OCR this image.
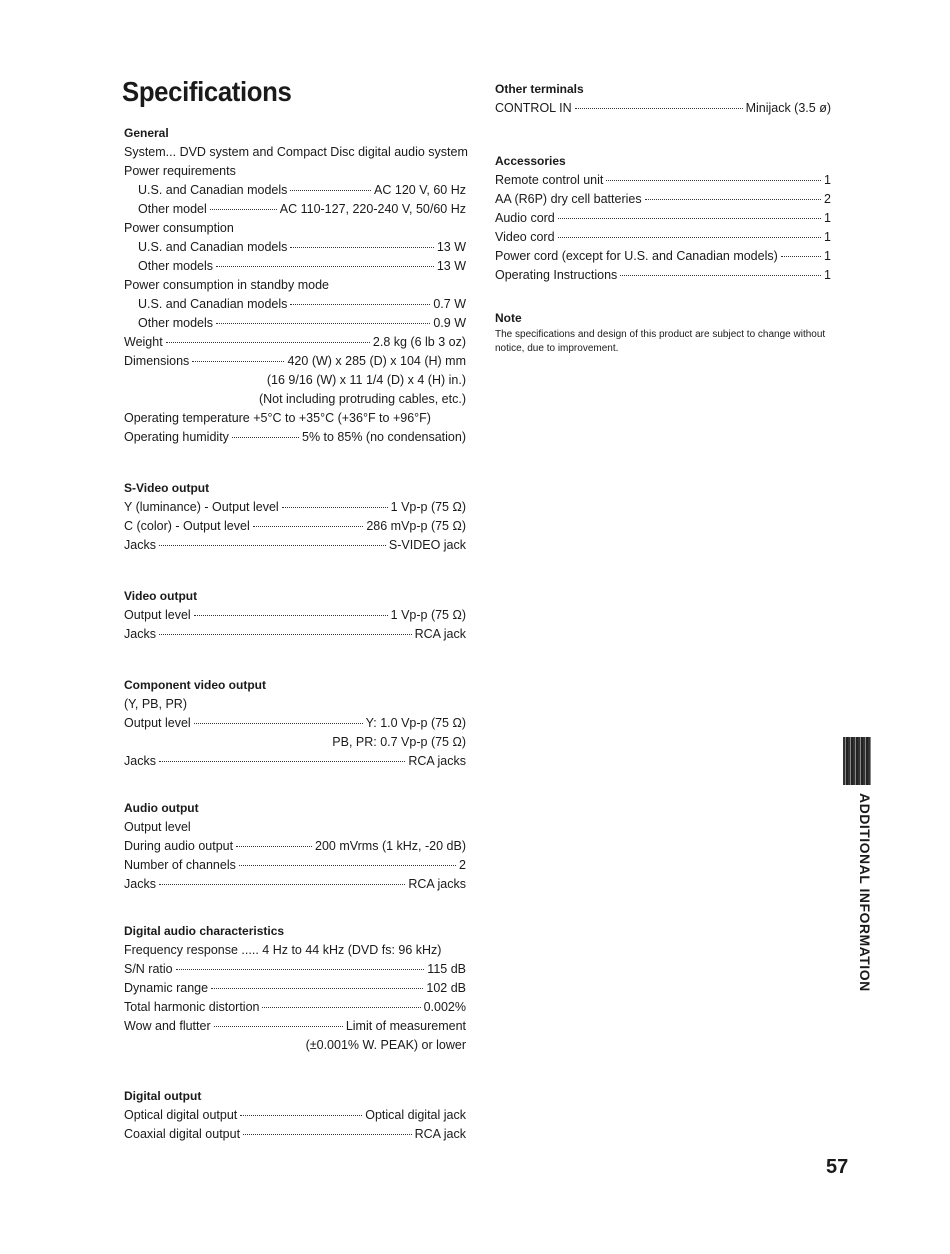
Specifications
General
System... DVD system and Compact Disc digital audio system
Power requirements
U.S. and Canadian models	AC 120 V, 60 Hz
Other model	AC 110-127, 220-240 V, 50/60 Hz
Power consumption
U.S. and Canadian models	13 W
Other models	13 W
Power consumption in standby mode
U.S. and Canadian models	0.7 W
Other models	0.9 W
Weight	2.8 kg (6 lb 3 oz)
Dimensions	420 (W) x 285 (D) x 104 (H) mm
(16 9/16 (W) x 11 1/4 (D) x 4 (H) in.)
(Not including protruding cables, etc.)
Operating temperature +5°C to +35°C (+36°F to +96°F)
Operating humidity	5% to 85% (no condensation)
S-Video output
Y (luminance) - Output level	1 Vp-p (75 Ω)
C (color) - Output level	286 mVp-p (75 Ω)
Jacks	S-VIDEO jack
Video output
Output level	1 Vp-p (75 Ω)
Jacks	RCA jack
Component video output
(Y, PB, PR)
Output level	Y: 1.0 Vp-p (75 Ω)
PB, PR: 0.7 Vp-p (75 Ω)
Jacks	RCA jacks
Audio output
Output level
During audio output	200 mVrms (1 kHz, -20 dB)
Number of channels	2
Jacks	RCA jacks
Digital audio characteristics
Frequency response ..... 4 Hz to 44 kHz (DVD fs: 96 kHz)
S/N ratio	115 dB
Dynamic range	102 dB
Total harmonic distortion	0.002%
Wow and flutter	Limit of measurement
(±0.001% W. PEAK) or lower
Digital output
Optical digital output	Optical digital jack
Coaxial digital output	RCA jack
Other terminals
CONTROL IN	Minijack (3.5 ø)
Accessories
Remote control unit	1
AA (R6P) dry cell batteries	2
Audio cord	1
Video cord	1
Power cord (except for U.S. and Canadian models)	1
Operating Instructions	1
Note

The specifications and design of this product are subject to change without notice, due to improvement.

ADDITIONAL INFORMATION
57
